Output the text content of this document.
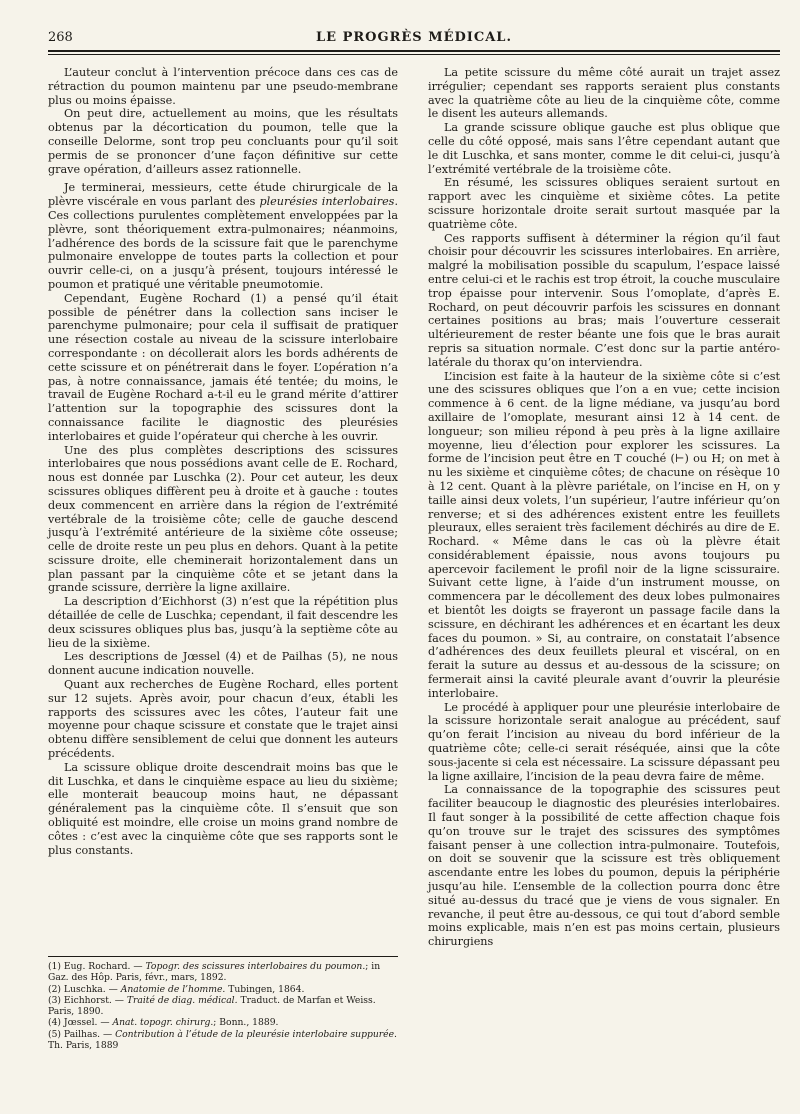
268	LE PROGRÈS MÉDICAL.

L’auteur conclut à l’intervention précoce dans ces cas de rétraction du poumon maintenu par une pseudo-membrane plus ou moins épaisse.

On peut dire, actuellement au moins, que les résultats obtenus par la décortication du poumon, telle que la conseille Delorme, sont trop peu concluants pour qu’il soit permis de se prononcer d’une façon définitive sur cette grave opération, d’ailleurs assez rationnelle.

Je terminerai, messieurs, cette étude chirurgicale de la plèvre viscérale en vous parlant des pleurésies interlobaires. Ces collections purulentes complètement enveloppées par la plèvre, sont théoriquement extra-pulmonaires; néanmoins, l’adhérence des bords de la scissure fait que le parenchyme pulmonaire enveloppe de toutes parts la collection et pour ouvrir celle-ci, on a jusqu’à présent, toujours intéressé le poumon et pratiqué une véritable pneumotomie.

Cependant, Eugène Rochard (1) a pensé qu’il était possible de pénétrer dans la collection sans inciser le parenchyme pulmonaire; pour cela il suffisait de pratiquer une résection costale au niveau de la scissure interlobaire correspondante : on décollerait alors les bords adhérents de cette scissure et on pénétrerait dans le foyer. L’opération n’a pas, à notre connaissance, jamais été tentée; du moins, le travail de Eugène Rochard a-t-il eu le grand mérite d’attirer l’attention sur la topographie des scissures dont la connaissance facilite le diagnostic des pleurésies interlobaires et guide l’opérateur qui cherche à les ouvrir.

Une des plus complètes descriptions des scissures interlobaires que nous possédions avant celle de E. Rochard, nous est donnée par Luschka (2). Pour cet auteur, les deux scissures obliques diffèrent peu à droite et à gauche : toutes deux commencent en arrière dans la région de l’extrémité vertébrale de la troisième côte; celle de gauche descend jusqu’à l’extrémité antérieure de la sixième côte osseuse; celle de droite reste un peu plus en dehors. Quant à la petite scissure droite, elle cheminerait horizontalement dans un plan passant par la cinquième côte et se jetant dans la grande scissure, derrière la ligne axillaire.

La description d’Eichhorst (3) n’est que la répétition plus détaillée de celle de Luschka; cependant, il fait descendre les deux scissures obliques plus bas, jusqu’à la septième côte au lieu de la sixième.

Les descriptions de Jœssel (4) et de Pailhas (5), ne nous donnent aucune indication nouvelle.

Quant aux recherches de Eugène Rochard, elles portent sur 12 sujets. Après avoir, pour chacun d’eux, établi les rapports des scissures avec les côtes, l’auteur fait une moyenne pour chaque scissure et constate que le trajet ainsi obtenu diffère sensiblement de celui que donnent les auteurs précédents.

La scissure oblique droite descendrait moins bas que le dit Luschka, et dans le cinquième espace au lieu du sixième; elle monterait beaucoup moins haut, ne dépassant généralement pas la cinquième côte. Il s’ensuit que son obliquité est moindre, elle croise un moins grand nombre de côtes : c’est avec la cinquième côte que ses rapports sont le plus constants.

(1) Eug. Rochard. — Topogr. des scissures interlobaires du poumon.; in Gaz. des Hôp. Paris, févr., mars, 1892.
(2) Luschka. — Anatomie de l’homme. Tubingen, 1864.
(3) Eichhorst. — Traité de diag. médical. Traduct. de Marfan et Weiss. Paris, 1890.
(4) Jœssel. — Anat. topogr. chirurg.; Bonn., 1889.
(5) Pailhas. — Contribution à l’étude de la pleurésie interlobaire suppurée. Th. Paris, 1889

La petite scissure du même côté aurait un trajet assez irrégulier; cependant ses rapports seraient plus constants avec la quatrième côte au lieu de la cinquième côte, comme le disent les auteurs allemands.

La grande scissure oblique gauche est plus oblique que celle du côté opposé, mais sans l’être cependant autant que le dit Luschka, et sans monter, comme le dit celui-ci, jusqu’à l’extrémité vertébrale de la troisième côte.

En résumé, les scissures obliques seraient surtout en rapport avec les cinquième et sixième côtes. La petite scissure horizontale droite serait surtout masquée par la quatrième côte.

Ces rapports suffisent à déterminer la région qu’il faut choisir pour découvrir les scissures interlobaires. En arrière, malgré la mobilisation possible du scapulum, l’espace laissé entre celui-ci et le rachis est trop étroit, la couche musculaire trop épaisse pour intervenir. Sous l’omoplate, d’après E. Rochard, on peut découvrir parfois les scissures en donnant certaines positions au bras; mais l’ouverture cesserait ultérieurement de rester béante une fois que le bras aurait repris sa situation normale. C’est donc sur la partie antéro-latérale du thorax qu’on interviendra.

L’incision est faite à la hauteur de la sixième côte si c’est une des scissures obliques que l’on a en vue; cette incision commence à 6 cent. de la ligne médiane, va jusqu’au bord axillaire de l’omoplate, mesurant ainsi 12 à 14 cent. de longueur; son milieu répond à peu près à la ligne axillaire moyenne, lieu d’élection pour explorer les scissures. La forme de l’incision peut être en T couché (⊢) ou H; on met à nu les sixième et cinquième côtes; de chacune on résèque 10 à 12 cent. Quant à la plèvre pariétale, on l’incise en H, on y taille ainsi deux volets, l’un supérieur, l’autre inférieur qu’on renverse; et si des adhérences existent entre les feuillets pleuraux, elles seraient très facilement déchirés au dire de E. Rochard. « Même dans le cas où la plèvre était considérablement épaissie, nous avons toujours pu apercevoir facilement le profil noir de la ligne scissuraire. Suivant cette ligne, à l’aide d’un instrument mousse, on commencera par le décollement des deux lobes pulmonaires et bientôt les doigts se frayeront un passage facile dans la scissure, en déchirant les adhérences et en écartant les deux faces du poumon. » Si, au contraire, on constatait l’absence d’adhérences des deux feuillets pleural et viscéral, on en ferait la suture au dessus et au-dessous de la scissure; on fermerait ainsi la cavité pleurale avant d’ouvrir la pleurésie interlobaire.

Le procédé à appliquer pour une pleurésie interlobaire de la scissure horizontale serait analogue au précédent, sauf qu’on ferait l’incision au niveau du bord inférieur de la quatrième côte; celle-ci serait réséquée, ainsi que la côte sous-jacente si cela est nécessaire. La scissure dépassant peu la ligne axillaire, l’incision de la peau devra faire de même.

La connaissance de la topographie des scissures peut faciliter beaucoup le diagnostic des pleurésies interlobaires. Il faut songer à la possibilité de cette affection chaque fois qu’on trouve sur le trajet des scissures des symptômes faisant penser à une collection intra-pulmonaire. Toutefois, on doit se souvenir que la scissure est très obliquement ascendante entre les lobes du poumon, depuis la périphérie jusqu’au hile. L’ensemble de la collection pourra donc être situé au-dessus du tracé que je viens de vous signaler. En revanche, il peut être au-dessous, ce qui tout d’abord semble moins explicable, mais n’en est pas moins certain, plusieurs chirurgiens
